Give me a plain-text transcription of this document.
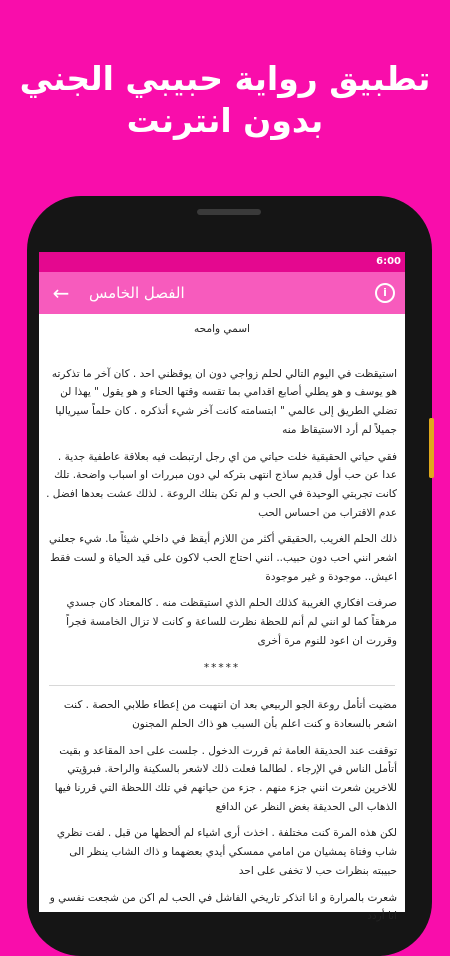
تطبيق رواية حبيبي الجني
بدون انترنت
6:00
← الفصل الخامس	i
اسمي وامحه

استيقظت في اليوم التالي لحلم زواجي دون ان يوقظني احد . كان آخر ما تذكرته هو يوسف و هو يطلي أصابع اقدامي بما تقسه وقتها الحناء و هو يقول " يهذا لن تضلي الطريق إلى عالمي " ابتسامته كانت آخر شيء أتذكره . كان حلماً سيرياليا جميلاً لم أرد الاستيقاظ منه

فقي حياتي الحقيقية خلت حياتي من اي رجل ارتبطت فيه بعلاقة عاطفية جدية . عدا عن حب أول قديم ساذج انتهى بتركه لي دون مبررات او اسباب واضحة. تلك كانت تجربتي الوحيدة في الحب و لم تكن بتلك الروعة . لذلك عشت بعدها افضل . عدم الاقتراب من احساس الحب

ذلك الحلم الغريب ,الحقيقي أكثر من اللازم أيقظ في داخلي شيئاً ما. شيء جعلني اشعر انني احب دون حبيب.. انني احتاج الحب لاكون على قيد الحياة و لست فقط اعيش.. موجودة و غير موجودة

صرفت افكاري الغريبة كذلك الحلم الذي استيقظت منه . كالمعتاد كان جسدي مرهقاً كما لو انني لم أنم للحظة نظرت للساعة و كانت لا تزال الخامسة فجراً وقررت ان اعود للنوم مرة أخرى

*****

مضيت أتأمل روعة الجو الربيعي بعد ان انتهيت من إعطاء طلابي الحصة . كنت اشعر بالسعادة و كنت اعلم بأن السبب هو ذاك الحلم المجنون

توقفت عند الحديقة العامة ثم قررت الدخول . جلست على احد المقاعد و بقيت أتأمل الناس في الإرجاء . لطالما فعلت ذلك لاشعر بالسكينة والراحة. فبرؤيتي للاخرين شعرت انني جزء منهم . جزء من حياتهم في تلك اللحظة التي قررنا فيها الذهاب الى الحديقة بغض النظر عن الدافع

لكن هذه المرة كنت مختلفة . اخذت أرى اشياء لم ألحظها من قبل . لفت نظري شاب وفتاة يمشيان من امامي ممسكي أيدي بعضهما و ذاك الشاب ينظر الى حبيبته بنظرات حب لا تخفى على احد

شعرت بالمرارة و انا اتذكر تاريخي الفاشل في الحب لم اكن من شجعت نفسي و انا أردد
